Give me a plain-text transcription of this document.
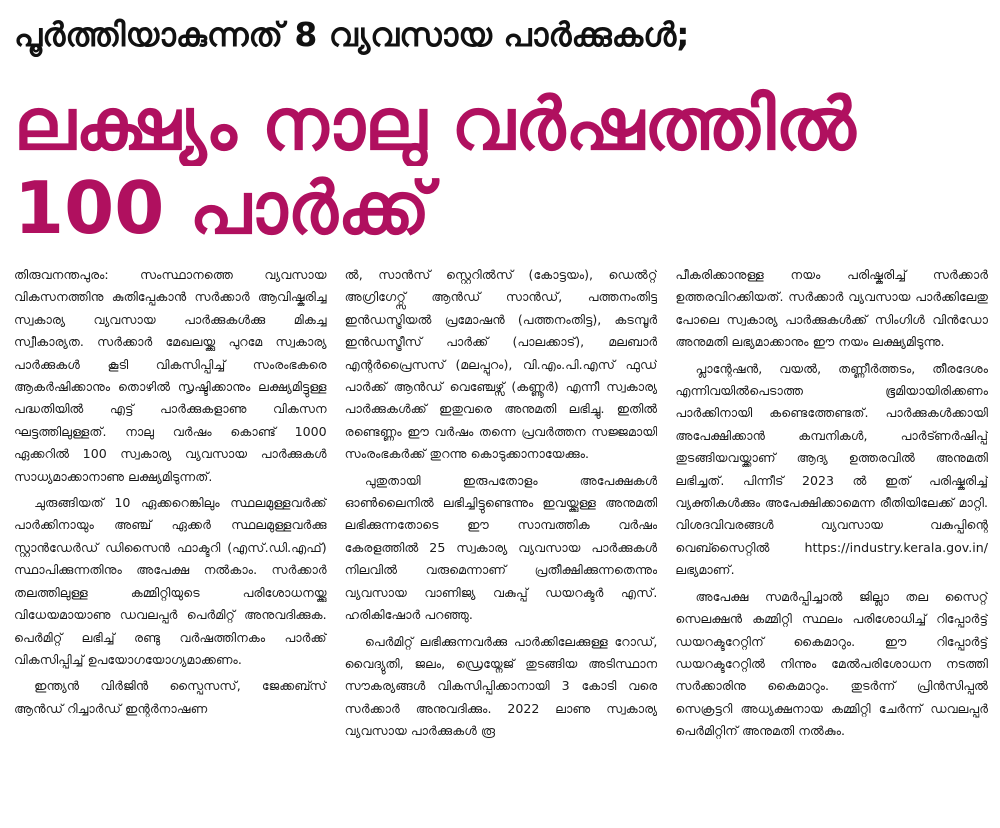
പൂർത്തിയാകുന്നത് 8 വ്യവസായ പാർക്കുകൾ;
ലക്ഷ്യം നാലു വർഷത്തിൽ
100 പാർക്ക്

തിരുവനന്തപുരം: സംസ്ഥാനത്തെ വ്യവസായ വികസനത്തിനു കുതിപ്പേകാൻ സർക്കാർ ആവിഷ്കരിച്ച സ്വകാര്യ വ്യവസായ പാർക്കുകൾക്കു മികച്ച സ്വീകാര്യത. സർക്കാർ മേഖലയ്ക്കു പുറമേ സ്വകാര്യ പാർക്കുകൾ കൂടി വികസിപ്പിച്ച് സംരംഭകരെ ആകർഷിക്കാനും തൊഴിൽ സൃഷ്ടിക്കാനും ലക്ഷ്യമിട്ടുള്ള പദ്ധതിയിൽ എട്ട് പാർക്കുകളാണു വികസന ഘട്ടത്തിലുള്ളത്. നാലു വർഷം കൊണ്ട് 1000 ഏക്കറിൽ 100 സ്വകാര്യ വ്യവസായ പാർക്കുകൾ സാധ്യമാക്കാനാണു ലക്ഷ്യമിടുന്നത്.

ചുരുങ്ങിയത് 10 ഏക്കറെങ്കിലും സ്ഥലമുള്ളവർക്ക് പാർക്കിനായും അഞ്ച് ഏക്കർ സ്ഥലമുള്ളവർക്കു സ്റ്റാൻഡേർഡ് ഡിസൈൻ ഫാക്ടറി (എസ്.ഡി.എഫ്) സ്ഥാപിക്കുന്നതിനും അപേക്ഷ നൽകാം. സർക്കാർ തലത്തിലുള്ള കമ്മിറ്റിയുടെ പരിശോധനയ്ക്കു വിധേയമായാണു ഡവലപ്പർ പെർമിറ്റ് അനുവദിക്കുക. പെർമിറ്റ് ലഭിച്ച് രണ്ടു വർഷത്തിനകം പാർക്ക് വികസിപ്പിച്ച് ഉപയോഗയോഗ്യമാക്കണം.

ഇന്ത്യൻ വിർജിൻ സ്പൈസസ്, ജേക്കബ്സ് ആൻഡ് റിച്ചാർഡ് ഇന്റർനാഷണ

ൽ, സാൻസ് സ്റ്റെറിൽസ് (കോട്ടയം), ഡെൽറ്റ് അഗ്രിഗേറ്റ്സ് ആൻഡ് സാൻഡ്, പത്തനംതിട്ട ഇൻഡസ്ട്രിയൽ പ്രമോഷൻ (പത്തനംതിട്ട), കടമ്പൂർ ഇൻഡസ്ട്രീസ് പാർക്ക് (പാലക്കാട്), മലബാർ എന്റർപ്രൈസസ് (മലപ്പുറം), വി.എം.പി.എസ് ഫുഡ് പാർക്ക് ആൻഡ് വെഞ്ചേഴ്സ് (കണ്ണൂർ) എന്നീ സ്വകാര്യ പാർക്കുകൾക്ക് ഇതുവരെ അനുമതി ലഭിച്ചു. ഇതിൽ രണ്ടെണ്ണം ഈ വർഷം തന്നെ പ്രവർത്തന സജ്ജമായി സംരംഭകർക്ക് തുറന്നു കൊടുക്കാനായേക്കും.

പുതുതായി ഇരുപതോളം അപേക്ഷകൾ ഓൺലൈനിൽ ലഭിച്ചിട്ടുണ്ടെന്നും ഇവയ്ക്കുള്ള അനുമതി ലഭിക്കുന്നതോടെ ഈ സാമ്പത്തിക വർഷം കേരളത്തിൽ 25 സ്വകാര്യ വ്യവസായ പാർക്കുകൾ നിലവിൽ വരുമെന്നാണ് പ്രതീക്ഷിക്കുന്നതെന്നും വ്യവസായ വാണിജ്യ വകുപ്പ് ഡയറക്ടർ എസ്. ഹരികിഷോർ പറഞ്ഞു.

പെർമിറ്റ് ലഭിക്കുന്നവർക്കു പാർക്കിലേക്കുള്ള റോഡ്, വൈദ്യുതി, ജലം, ഡ്രെയ്നേജ് തുടങ്ങിയ അടിസ്ഥാന സൗകര്യങ്ങൾ വികസിപ്പിക്കാനായി 3 കോടി വരെ സർക്കാർ അനുവദിക്കും. 2022 ലാണു സ്വകാര്യ വ്യവസായ പാർക്കുകൾ രൂ

പീകരിക്കാനുള്ള നയം പരിഷ്കരിച്ച് സർക്കാർ ഉത്തരവിറക്കിയത്. സർക്കാർ വ്യവസായ പാർക്കിലേതു പോലെ സ്വകാര്യ പാർക്കുകൾക്ക് സിംഗിൾ വിൻഡോ അനുമതി ലഭ്യമാക്കാനും ഈ നയം ലക്ഷ്യമിടുന്നു.

പ്ലാന്റേഷൻ, വയൽ, തണ്ണീർത്തടം, തീരദേശം എന്നിവയിൽപെടാത്ത ഭൂമിയായിരിക്കണം പാർക്കിനായി കണ്ടെത്തേണ്ടത്. പാർക്കുകൾക്കായി അപേക്ഷിക്കാൻ കമ്പനികൾ, പാർട്ണർഷിപ്പ് തുടങ്ങിയവയ്ക്കാണ് ആദ്യ ഉത്തരവിൽ അനുമതി ലഭിച്ചത്. പിന്നീട് 2023 ൽ ഇത് പരിഷ്കരിച്ച് വ്യക്തികൾക്കും അപേക്ഷിക്കാമെന്ന രീതിയിലേക്ക് മാറ്റി. വിശദവിവരങ്ങൾ വ്യവസായ വകുപ്പിന്റെ വെബ്സൈറ്റിൽ https://industry.kerala.gov.in/ ലഭ്യമാണ്.

അപേക്ഷ സമർപ്പിച്ചാൽ ജില്ലാ തല സൈറ്റ് സെലക്ഷൻ കമ്മിറ്റി സ്ഥലം പരിശോധിച്ച് റിപ്പോർട്ട് ഡയറക്ടറേറ്റിന് കൈമാറും. ഈ റിപ്പോർട്ട് ഡയറക്ടറേറ്റിൽ നിന്നും മേൽപരിശോധന നടത്തി സർക്കാരിനു കൈമാറും. തുടർന്ന് പ്രിൻസിപ്പൽ സെക്രട്ടറി അധ്യക്ഷനായ കമ്മിറ്റി ചേർന്ന് ഡവലപ്പർ പെർമിറ്റിന് അനുമതി നൽകും.
